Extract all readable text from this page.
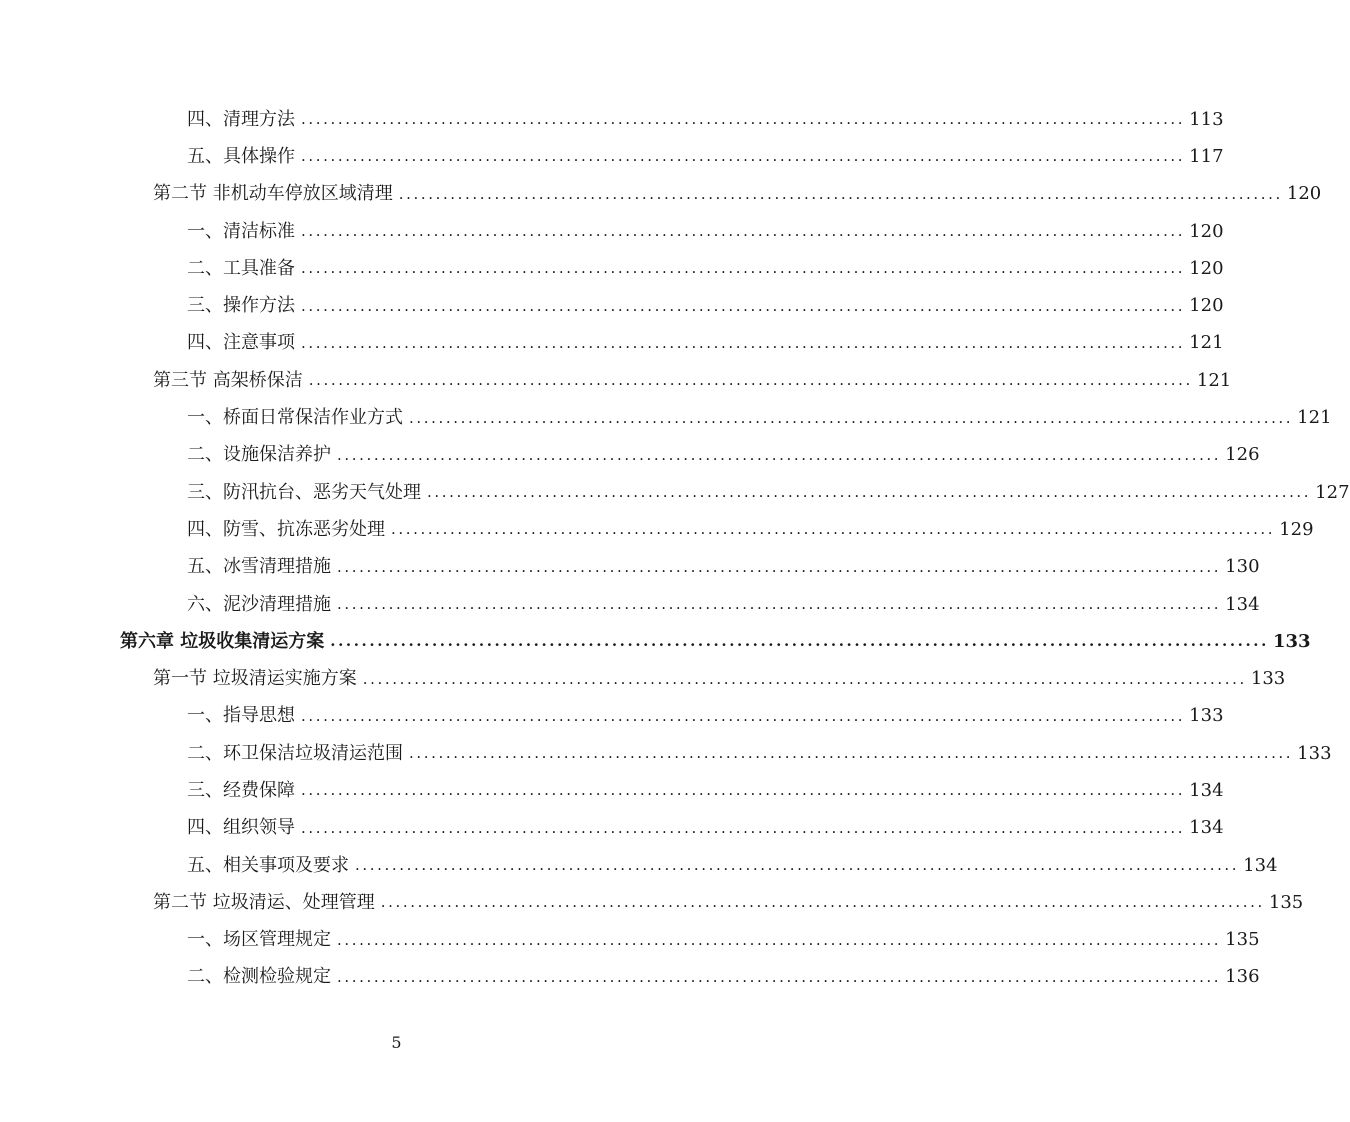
四、清理方法 ........................................................................................................................ 113
五、具体操作 ........................................................................................................................ 117
第二节 非机动车停放区域清理 ........................................................................................................................ 120
一、清洁标准 ........................................................................................................................ 120
二、工具准备 ........................................................................................................................ 120
三、操作方法 ........................................................................................................................ 120
四、注意事项 ........................................................................................................................ 121
第三节 高架桥保洁 ........................................................................................................................ 121
一、桥面日常保洁作业方式 ........................................................................................................................ 121
二、设施保洁养护 ........................................................................................................................ 126
三、防汛抗台、恶劣天气处理 ........................................................................................................................ 127
四、防雪、抗冻恶劣处理 ........................................................................................................................ 129
五、冰雪清理措施 ........................................................................................................................ 130
六、泥沙清理措施 ........................................................................................................................ 134
第六章 垃圾收集清运方案 ........................................................................................................................ 133
第一节 垃圾清运实施方案 ........................................................................................................................ 133
一、指导思想 ........................................................................................................................ 133
二、环卫保洁垃圾清运范围 ........................................................................................................................ 133
三、经费保障 ........................................................................................................................ 134
四、组织领导 ........................................................................................................................ 134
五、相关事项及要求 ........................................................................................................................ 134
第二节 垃圾清运、处理管理 ........................................................................................................................ 135
一、场区管理规定 ........................................................................................................................ 135
二、检测检验规定 ........................................................................................................................ 136
5
